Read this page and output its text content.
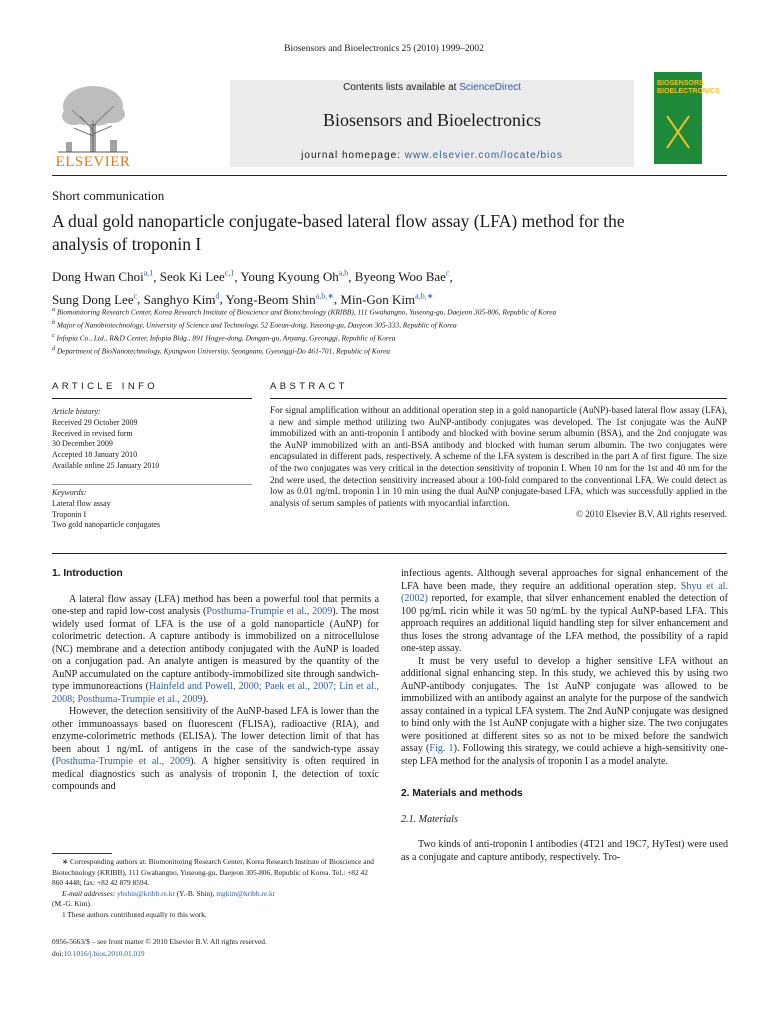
Biosensors and Bioelectronics 25 (2010) 1999–2002
ELSEVIER
Contents lists available at ScienceDirect
Biosensors and Bioelectronics
journal homepage: www.elsevier.com/locate/bios
BIOSENSORS BIOELECTRONICS
Short communication
A dual gold nanoparticle conjugate-based lateral flow assay (LFA) method for the analysis of troponin I
Dong Hwan Choi$^{a,1}$, Seok Ki Lee$^{c,1}$, Young Kyoung Oh$^{a,b}$, Byeong Woo Bae$^c$,
Sung Dong Lee$^c$, Sanghyo Kim$^d$, Yong-Beom Shin$^{a,b,∗}$, Min-Gon Kim$^{a,b,∗}$
$^a$ Biomonitoring Research Center, Korea Research Institute of Bioscience and Biotechnology (KRIBB), 111 Gwahangno, Yuseong-gu, Daejeon 305-806, Republic of Korea
$^b$ Major of Nanobiotechnology, University of Science and Technology, 52 Eoeun-dong, Yuseong-gu, Daejeon 305-333, Republic of Korea
$^c$ Infopia Co., Ltd., R&D Center, Infopia Bldg., 891 Hogye-dong, Dongan-gu, Anyang, Gyeonggi, Republic of Korea
$^d$ Department of BioNanotechnology, Kyungwon University, Seongnam, Gyeonggi-Do 461-701, Republic of Korea
ARTICLE INFO	ABSTRACT
Article history:
Received 29 October 2009
Received in revised form
30 December 2009
Accepted 18 January 2010
Available online 25 January 2010
Keywords:
Lateral flow assay
Troponin I
Two gold nanoparticle conjugates
For signal amplification without an additional operation step in a gold nanoparticle (AuNP)-based lateral flow assay (LFA), a new and simple method utilizing two AuNP-antibody conjugates was developed. The 1st conjugate was the AuNP immobilized with an anti-troponin I antibody and blocked with bovine serum albumin (BSA), and the 2nd conjugate was the AuNP immobilized with an anti-BSA antibody and blocked with human serum albumin. The two conjugates were encapsulated in different pads, respectively. A scheme of the LFA system is described in the part A of first figure. The size of the two conjugates was very critical in the detection sensitivity of troponin I. When 10 nm for the 1st and 40 nm for the 2nd were used, the detection sensitivity increased about a 100-fold compared to the conventional LFA. We could detect as low as 0.01 ng/mL troponin I in 10 min using the dual AuNP conjugate-based LFA, which was successfully applied in the analysis of serum samples of patients with myocardial infarction.
© 2010 Elsevier B.V. All rights reserved.
1. Introduction

A lateral flow assay (LFA) method has been a powerful tool that permits a one-step and rapid low-cost analysis (Posthuma-Trumpie et al., 2009). The most widely used format of LFA is the use of a gold nanoparticle (AuNP) for colorimetric detection. A capture antibody is immobilized on a nitrocellulose (NC) membrane and a detection antibody conjugated with the AuNP is loaded on a conjugation pad. An analyte antigen is measured by the quantity of the AuNP accumulated on the capture antibody-immobilized site through sandwich-type immunoreactions (Hainfeld and Powell, 2000; Paek et al., 2007; Lin et al., 2008; Posthuma-Trumpie et al., 2009).

However, the detection sensitivity of the AuNP-based LFA is lower than the other immunoassays based on fluorescent (FLISA), radioactive (RIA), and enzyme-colorimetric methods (ELISA). The lower detection limit of that has been about 1 ng/mL of antigens in the case of the sandwich-type assay (Posthuma-Trumpie et al., 2009). A higher sensitivity is often required in medical diagnostics such as analysis of troponin I, the detection of toxic compounds and

infectious agents. Although several approaches for signal enhancement of the LFA have been made, they require an additional operation step. Shyu et al. (2002) reported, for example, that silver enhancement enabled the detection of 100 pg/mL ricin while it was 50 ng/mL by the typical AuNP-based LFA. This approach requires an additional liquid handling step for silver enhancement and thus loses the strong advantage of the LFA method, the possibility of a rapid one-step assay.

It must be very useful to develop a higher sensitive LFA without an additional signal enhancing step. In this study, we achieved this by using two AuNP-antibody conjugates. The 1st AuNP conjugate was allowed to be immobilized with an antibody against an analyte for the purpose of the sandwich assay contained in a typical LFA system. The 2nd AuNP conjugate was designed to bind only with the 1st AuNP conjugate with a higher size. The two conjugates were positioned at different sites so as not to be mixed before the sandwich assay (Fig. 1). Following this strategy, we could achieve a high-sensitivity one-step LFA method for the analysis of troponin I as a model analyte.

2. Materials and methods
2.1. Materials

Two kinds of anti-troponin I antibodies (4T21 and 19C7, HyTest) were used as a conjugate and capture antibody, respectively. Tro-

∗ Corresponding authors at: Biomonitoring Research Center, Korea Research Institute of Bioscience and Biotechnology (KRIBB), 111 Gwahangno, Yuseong-gu, Daejeon 305-806, Republic of Korea. Tel.: +82 42 860 4448; fax: +82 42 879 8594.
E-mail addresses: ybshin@kribb.re.kr (Y.-B. Shin), mgkim@kribb.re.kr
(M.-G. Kim).
1 These authors contributed equally to this work.
0956-5663/$ – see front matter © 2010 Elsevier B.V. All rights reserved.
doi:10.1016/j.bios.2010.01.019
